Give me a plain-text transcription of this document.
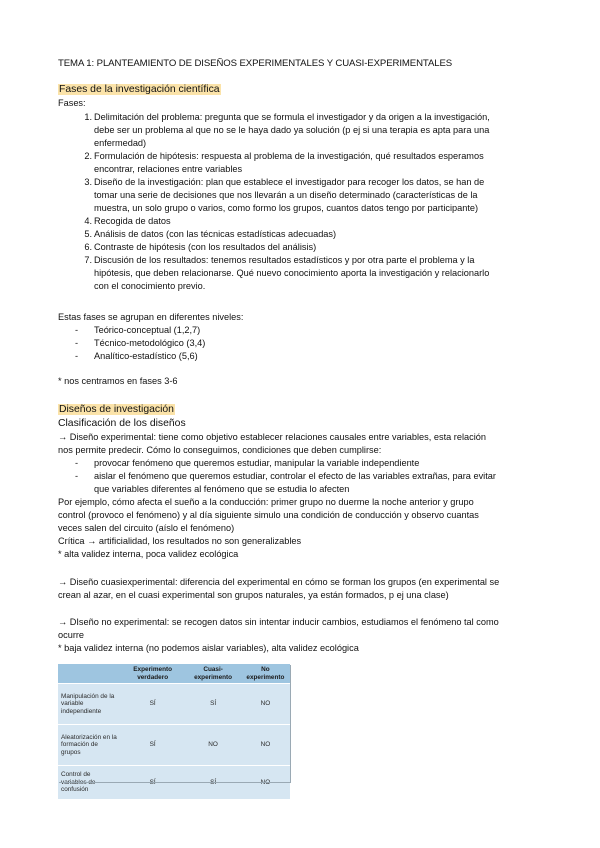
TEMA 1: PLANTEAMIENTO DE DISEÑOS EXPERIMENTALES Y CUASI-EXPERIMENTALES
Fases de la investigación científica
Fases:
1. Delimitación del problema: pregunta que se formula el investigador y da origen a la investigación,
debe ser un problema al que no se le haya dado ya solución (p ej si una terapia es apta para una
enfermedad)
2. Formulación de hipótesis: respuesta al problema de la investigación, qué resultados esperamos
encontrar, relaciones entre variables
3. Diseño de la investigación: plan que establece el investigador para recoger los datos, se han de
tomar una serie de decisiones que nos llevarán a un diseño determinado (características de la
muestra, un solo grupo o varios, como formo los grupos, cuantos datos tengo por participante)
4. Recogida de datos
5. Análisis de datos (con las técnicas estadísticas adecuadas)
6. Contraste de hipótesis (con los resultados del análisis)
7. Discusión de los resultados: tenemos resultados estadísticos y por otra parte el problema y la
hipótesis, que deben relacionarse. Qué nuevo conocimiento aporta la investigación y relacionarlo
con el conocimiento previo.
Estas fases se agrupan en diferentes niveles:
- Teórico-conceptual (1,2,7)
- Técnico-metodológico (3,4)
- Analítico-estadístico (5,6)
* nos centramos en fases 3-6
Diseños de investigación
Clasificación de los diseños
→ Diseño experimental: tiene como objetivo establecer relaciones causales entre variables, esta relación
nos permite predecir. Cómo lo conseguimos, condiciones que deben cumplirse:
- provocar fenómeno que queremos estudiar, manipular la variable independiente
- aislar el fenómeno que queremos estudiar, controlar el efecto de las variables extrañas, para evitar
que variables diferentes al fenómeno que se estudia lo afecten
Por ejemplo, cómo afecta el sueño a la conducción: primer grupo no duerme la noche anterior y grupo
control (provoco el fenómeno) y al día siguiente simulo una condición de conducción y observo cuantas
veces salen del circuito (aíslo el fenómeno)
Crítica → artificialidad, los resultados no son generalizables
* alta validez interna, poca validez ecológica
→ Diseño cuasiexperimental: diferencia del experimental en cómo se forman los grupos (en experimental se
crean al azar, en el cuasi experimental son grupos naturales, ya están formados, p ej una clase)
→ DIseño no experimental: se recogen datos sin intentar inducir cambios, estudiamos el fenómeno tal como
ocurre
* baja validez interna (no podemos aislar variables), alta validez ecológica
	Experimento verdadero	Cuasi-experimento	No experimento
Manipulación de la variable independiente	SÍ	SÍ	NO
Aleatorización en la formación de grupos	SÍ	NO	NO
Control de variables de confusión	SÍ	SÍ	NO
